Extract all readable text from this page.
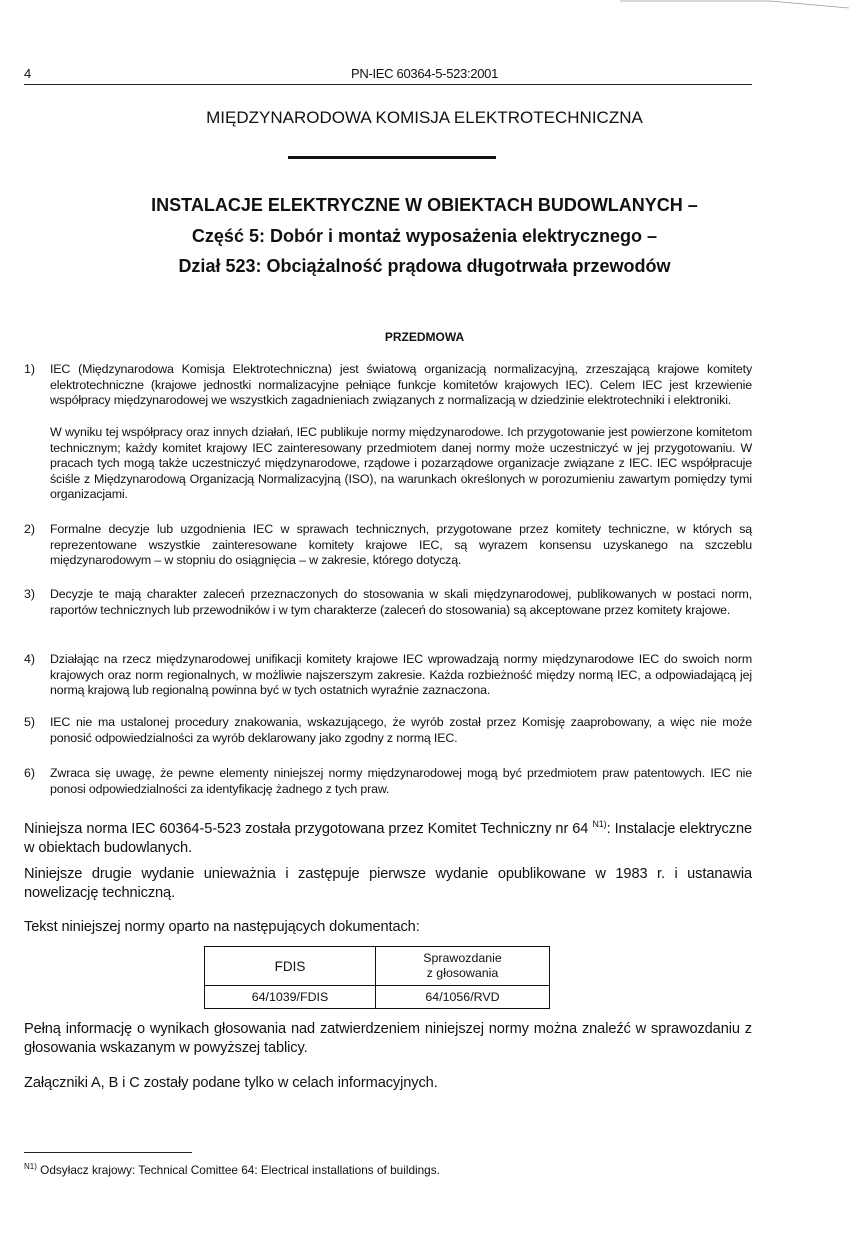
4	PN-IEC 60364-5-523:2001
MIĘDZYNARODOWA KOMISJA ELEKTROTECHNICZNA
INSTALACJE ELEKTRYCZNE W OBIEKTACH BUDOWLANYCH –
Część 5: Dobór i montaż wyposażenia elektrycznego –
Dział 523: Obciążalność prądowa długotrwała przewodów
PRZEDMOWA
1) IEC (Międzynarodowa Komisja Elektrotechniczna) jest światową organizacją normalizacyjną, zrzeszającą krajowe komitety elektrotechniczne (krajowe jednostki normalizacyjne pełniące funkcje komitetów krajowych IEC). Celem IEC jest krzewienie współpracy międzynarodowej we wszystkich zagadnieniach związanych z normalizacją w dziedzinie elektrotechniki i elektroniki.
W wyniku tej współpracy oraz innych działań, IEC publikuje normy międzynarodowe. Ich przygotowanie jest powierzone komitetom technicznym; każdy komitet krajowy IEC zainteresowany przedmiotem danej normy może uczestniczyć w jej przygotowaniu. W pracach tych mogą także uczestniczyć międzynarodowe, rządowe i pozarządowe organizacje związane z IEC. IEC współpracuje ściśle z Międzynarodową Organizacją Normalizacyjną (ISO), na warunkach określonych w porozumieniu zawartym pomiędzy tymi organizacjami.
2) Formalne decyzje lub uzgodnienia IEC w sprawach technicznych, przygotowane przez komitety techniczne, w których są reprezentowane wszystkie zainteresowane komitety krajowe IEC, są wyrazem konsensu uzyskanego na szczeblu międzynarodowym – w stopniu do osiągnięcia – w zakresie, którego dotyczą.
3) Decyzje te mają charakter zaleceń przeznaczonych do stosowania w skali międzynarodowej, publikowanych w postaci norm, raportów technicznych lub przewodników i w tym charakterze (zaleceń do stosowania) są akceptowane przez komitety krajowe.
4) Działając na rzecz międzynarodowej unifikacji komitety krajowe IEC wprowadzają normy międzynarodowe IEC do swoich norm krajowych oraz norm regionalnych, w możliwie najszerszym zakresie. Każda rozbieżność między normą IEC, a odpowiadającą jej normą krajową lub regionalną powinna być w tych ostatnich wyraźnie zaznaczona.
5) IEC nie ma ustalonej procedury znakowania, wskazującego, że wyrób został przez Komisję zaaprobowany, a więc nie może ponosić odpowiedzialności za wyrób deklarowany jako zgodny z normą IEC.
6) Zwraca się uwagę, że pewne elementy niniejszej normy międzynarodowej mogą być przedmiotem praw patentowych. IEC nie ponosi odpowiedzialności za identyfikację żadnego z tych praw.
Niniejsza norma IEC 60364-5-523 została przygotowana przez Komitet Techniczny nr 64 $^{N1)}$: Instalacje elektryczne w obiektach budowlanych.
Niniejsze drugie wydanie unieważnia i zastępuje pierwsze wydanie opublikowane w 1983 r. i ustanawia nowelizację techniczną.
Tekst niniejszej normy oparto na następujących dokumentach:
FDIS	Sprawozdanie
z głosowania

64/1039/FDIS	64/1056/RVD
Pełną informację o wynikach głosowania nad zatwierdzeniem niniejszej normy można znaleźć w sprawozdaniu z głosowania wskazanym w powyższej tablicy.
Załączniki A, B i C zostały podane tylko w celach informacyjnych.
$^{N1)}$ Odsyłacz krajowy: Technical Comittee 64: Electrical installations of buildings.
